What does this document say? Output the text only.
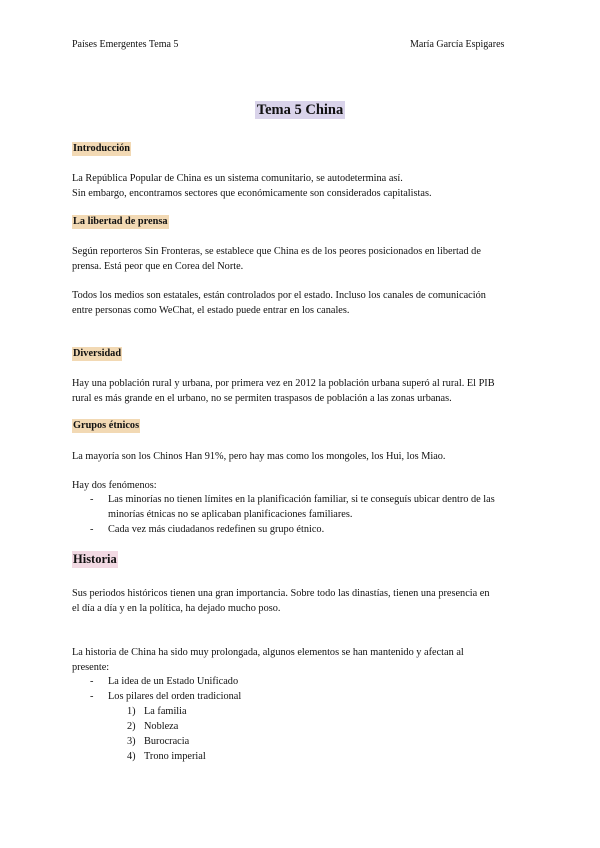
Países Emergentes Tema 5	María García Espigares
Tema 5 China
Introducción
La República Popular de China es un sistema comunitario, se autodetermina así.
Sin embargo, encontramos sectores que económicamente son considerados capitalistas.
La libertad de prensa
Según reporteros Sin Fronteras, se establece que China es de los peores posicionados en libertad de
prensa. Está peor que en Corea del Norte.
Todos los medios son estatales, están controlados por el estado. Incluso los canales de comunicación
entre personas como WeChat, el estado puede entrar en los canales.
Diversidad
Hay una población rural y urbana, por primera vez en 2012 la población urbana superó al rural. El PIB
rural es más grande en el urbano, no se permiten traspasos de población a las zonas urbanas.
Grupos étnicos
La mayoría son los Chinos Han 91%, pero hay mas como los mongoles, los Hui, los Miao.
Hay dos fenómenos:
- Las minorías no tienen límites en la planificación familiar, si te conseguís ubicar dentro de las
minorías étnicas no se aplicaban planificaciones familiares.
- Cada vez más ciudadanos redefinen su grupo étnico.
Historia
Sus periodos históricos tienen una gran importancia. Sobre todo las dinastías, tienen una presencia en
el día a día y en la política, ha dejado mucho poso.
La historia de China ha sido muy prolongada, algunos elementos se han mantenido y afectan al
presente:
- La idea de un Estado Unificado
- Los pilares del orden tradicional
1) La familia
2) Nobleza
3) Burocracia
4) Trono imperial
